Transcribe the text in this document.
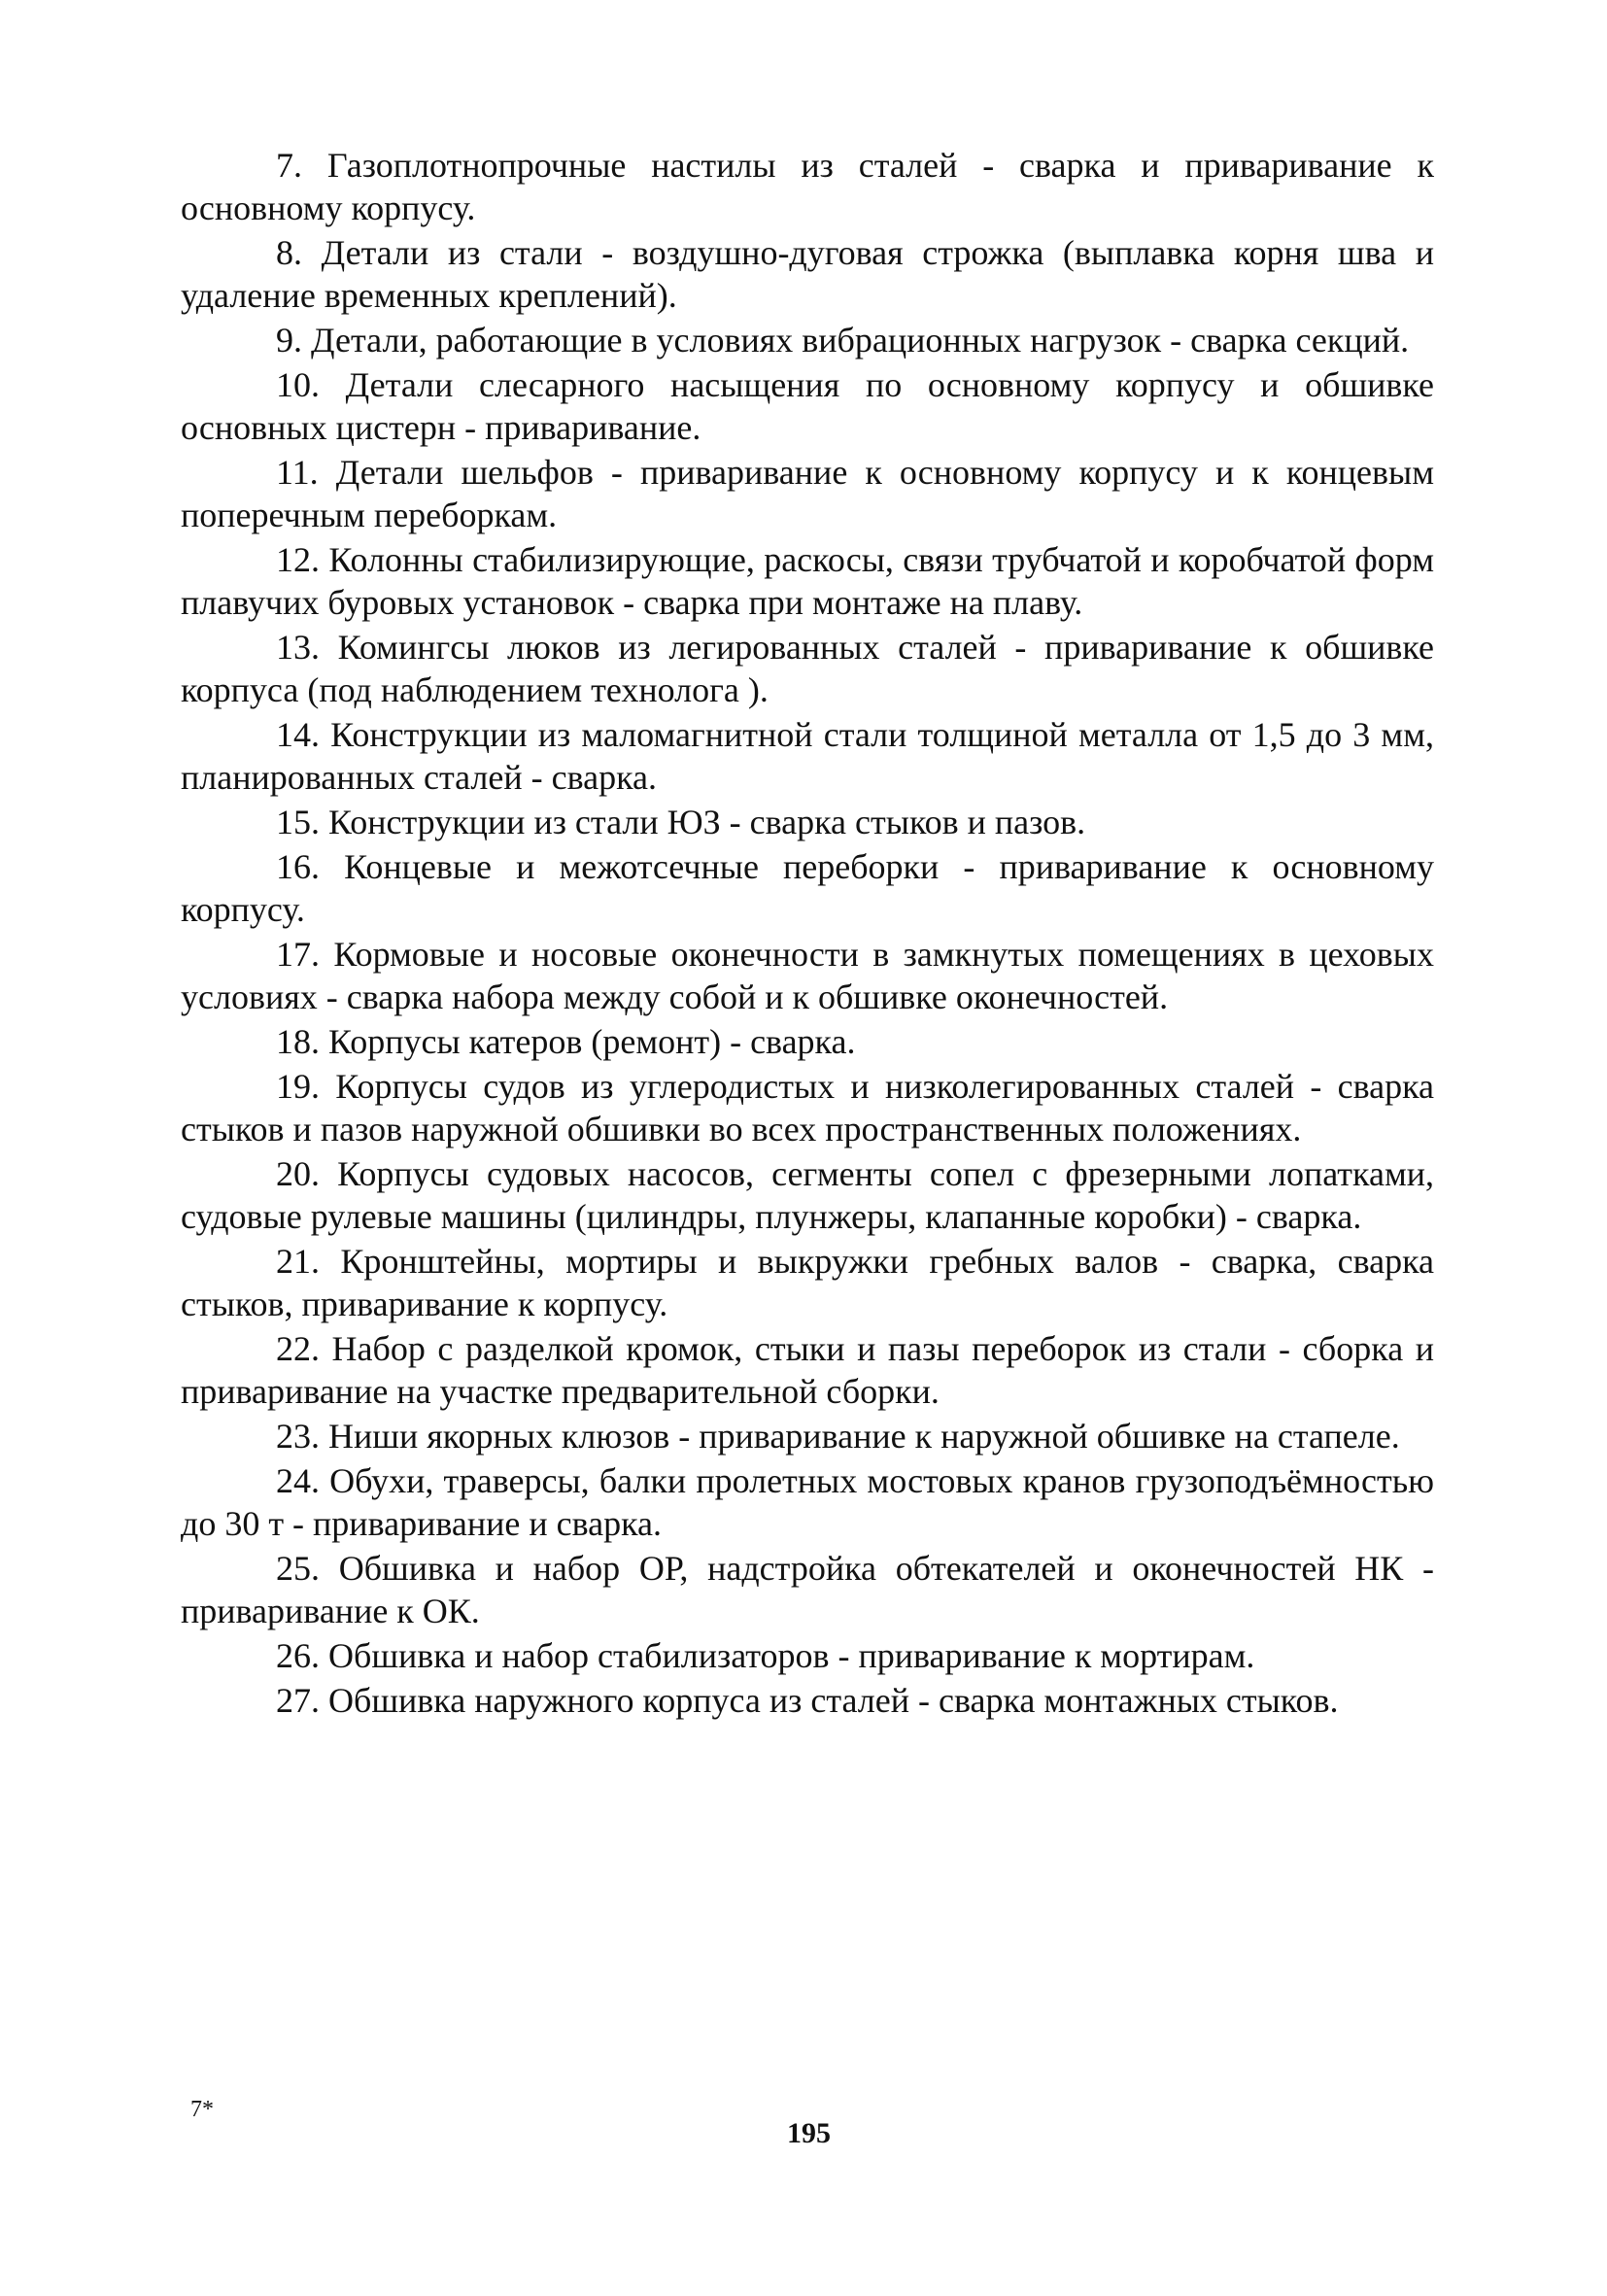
7. Газоплотнопрочные настилы из сталей - сварка и приваривание к основному корпусу.

8. Детали из стали - воздушно-дуговая строжка (выплавка корня шва и удаление временных креплений).

9. Детали, работающие в условиях вибрационных нагрузок - сварка секций.

10. Детали слесарного насыщения по основному корпусу и обшивке основных цистерн - приваривание.

11. Детали шельфов - приваривание к основному корпусу и к концевым поперечным переборкам.

12. Колонны стабилизирующие, раскосы, связи трубчатой и коробчатой форм плавучих буровых установок - сварка при монтаже на плаву.

13. Комингсы люков из легированных сталей - приваривание к обшивке корпуса (под наблюдением технолога ).

14. Конструкции из маломагнитной стали толщиной металла от 1,5 до 3 мм, планированных сталей - сварка.

15. Конструкции из стали ЮЗ - сварка стыков и пазов.

16. Концевые и межотсечные переборки - приваривание к основному корпусу.

17. Кормовые и носовые оконечности в замкнутых помещениях в цеховых условиях - сварка набора между собой и к обшивке оконечностей.

18. Корпусы катеров (ремонт) - сварка.

19. Корпусы судов из углеродистых и низколегированных сталей - сварка стыков и пазов наружной обшивки во всех пространственных положениях.

20. Корпусы судовых насосов, сегменты сопел с фрезерными лопатками, судовые рулевые машины (цилиндры, плунжеры, клапанные коробки) - сварка.

21. Кронштейны, мортиры и выкружки гребных валов - сварка, сварка стыков, приваривание к корпусу.

22. Набор с разделкой кромок, стыки и пазы переборок из стали - сборка и приваривание на участке предварительной сборки.

23. Ниши якорных клюзов - приваривание к наружной обшивке на стапеле.

24. Обухи, траверсы, балки пролетных мостовых кранов грузоподъёмностью до 30 т - приваривание и сварка.

25. Обшивка и набор ОР, надстройка обтекателей и оконечностей НК - приваривание к ОК.

26. Обшивка и набор стабилизаторов - приваривание к мортирам.

27. Обшивка наружного корпуса из сталей - сварка монтажных стыков.

7*
195
